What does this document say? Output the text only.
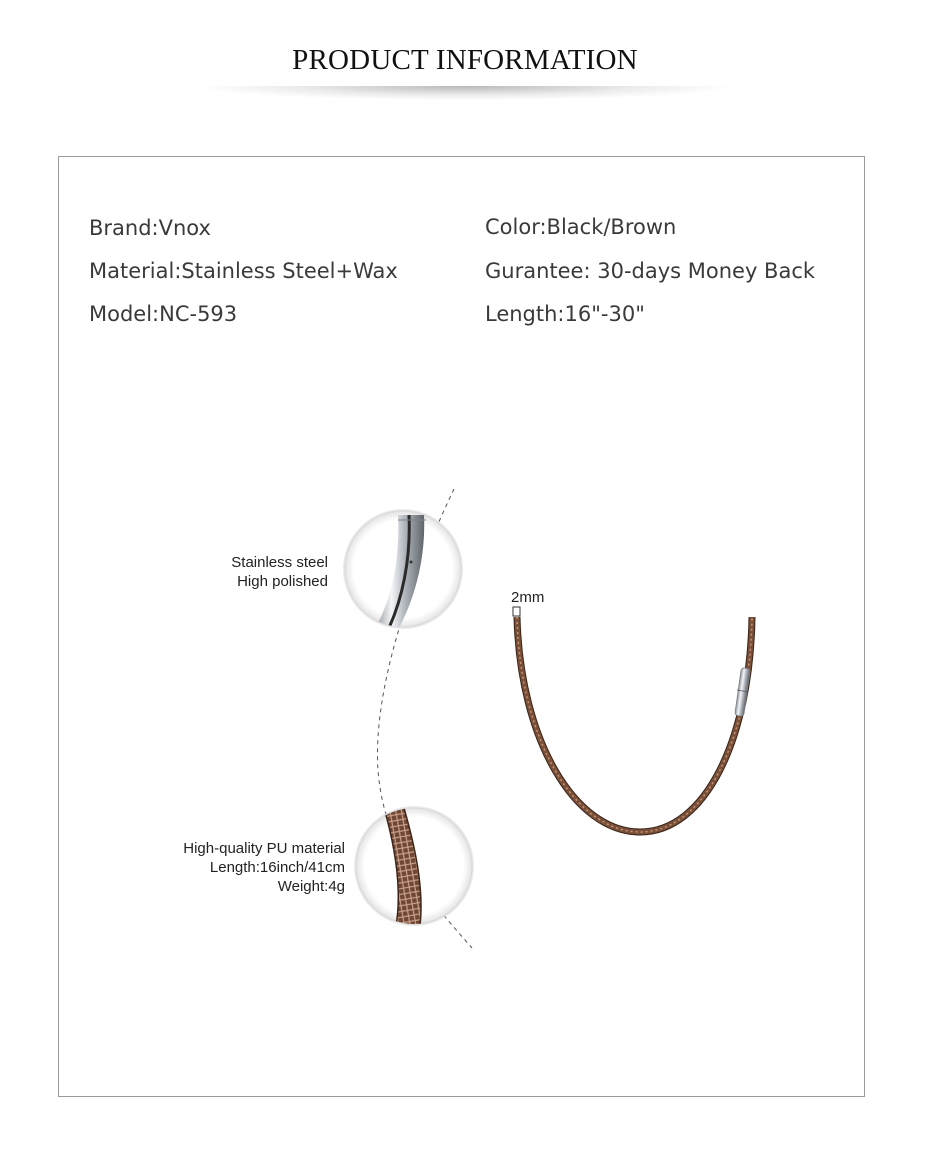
PRODUCT INFORMATION
Brand:Vnox
Material:Stainless Steel+Wax
Model:NC-593
Color:Black/Brown
Gurantee: 30-days Money Back
Length:16"-30"
Stainless steel
High polished
High-quality PU material
Length:16inch/41cm
Weight:4g
2mm
